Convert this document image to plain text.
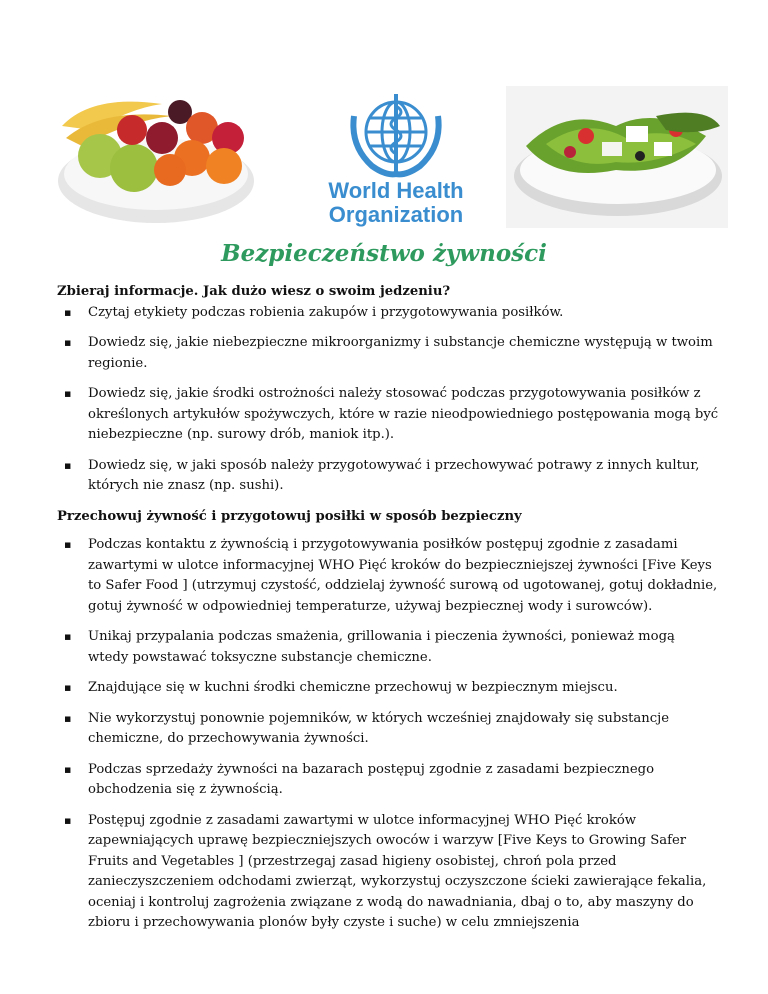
World Health
Organization
Bezpieczeństwo żywności

Zbieraj informacje. Jak dużo wiesz o swoim jedzeniu?

▪ Czytaj etykiety podczas robienia zakupów i przygotowywania posiłków.
▪ Dowiedz się, jakie niebezpieczne mikroorganizmy i substancje chemiczne występują w twoim regionie.
▪ Dowiedz się, jakie środki ostrożności należy stosować podczas przygotowywania posiłków z określonych artykułów spożywczych, które w razie nieodpowiedniego postępowania mogą być niebezpieczne (np. surowy drób, maniok itp.).
▪ Dowiedz się, w jaki sposób należy przygotowywać i przechowywać potrawy z innych kultur, których nie znasz (np. sushi).

Przechowuj żywność i przygotowuj posiłki w sposób bezpieczny

▪ Podczas kontaktu z żywnością i przygotowywania posiłków postępuj zgodnie z zasadami zawartymi w ulotce informacyjnej WHO Pięć kroków do bezpieczniejszej żywności [Five Keys to Safer Food ] (utrzymuj czystość, oddzielaj żywność surową od ugotowanej, gotuj dokładnie, gotuj żywność w odpowiedniej temperaturze, używaj bezpiecznej wody i surowców).
▪ Unikaj przypalania podczas smażenia, grillowania i pieczenia żywności, ponieważ mogą wtedy powstawać toksyczne substancje chemiczne.
▪ Znajdujące się w kuchni środki chemiczne przechowuj w bezpiecznym miejscu.
▪ Nie wykorzystuj ponownie pojemników, w których wcześniej znajdowały się substancje chemiczne, do przechowywania żywności.
▪ Podczas sprzedaży żywności na bazarach postępuj zgodnie z zasadami bezpiecznego obchodzenia się z żywnością.
▪ Postępuj zgodnie z zasadami zawartymi w ulotce informacyjnej WHO Pięć kroków zapewniających uprawę bezpieczniejszych owoców i warzyw [Five Keys to Growing Safer Fruits and Vegetables ] (przestrzegaj zasad higieny osobistej, chroń pola przed zanieczyszczeniem odchodami zwierząt, wykorzystuj oczyszczone ścieki zawierające fekalia, oceniaj i kontroluj zagrożenia związane z wodą do nawadniania, dbaj o to, aby maszyny do zbioru i przechowywania plonów były czyste i suche) w celu zmniejszenia
